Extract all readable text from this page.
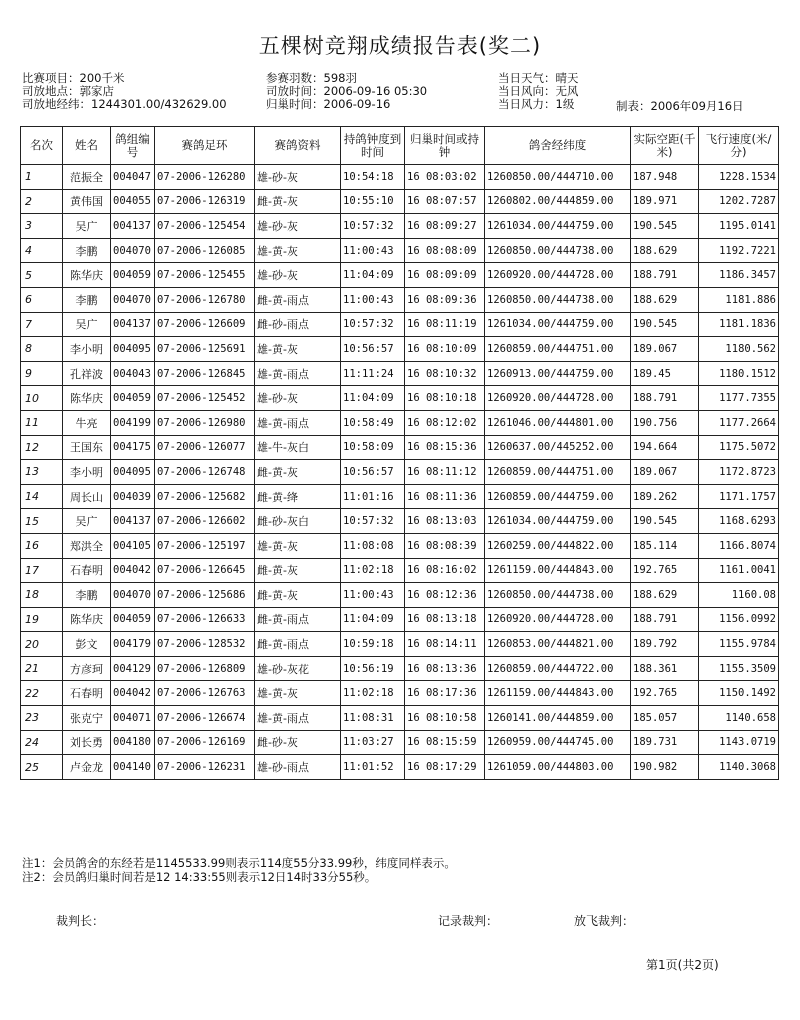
五棵树竞翔成绩报告表(奖二)
比赛项目：200千米
司放地点：郭家店
司放地经纬：1244301.00/432629.00
参赛羽数：598羽
司放时间：2006-09-16 05:30
归巢时间：2006-09-16
当日天气：晴天
当日风向：无风
当日风力：1级	制表：2006年09月16日
名次	姓名	鸽组编号	赛鸽足环	赛鸽资料	持鸽钟度到时间	归巢时间或持钟	鸽舍经纬度	实际空距(千米)	飞行速度(米/分)
1	范振全	004047	07-2006-126280	雄-砂-灰	10:54:18	16 08:03:02	1260850.00/444710.00	187.948	1228.1534
2	黄伟国	004055	07-2006-126319	雌-黄-灰	10:55:10	16 08:07:57	1260802.00/444859.00	189.971	1202.7287
3	吴广	004137	07-2006-125454	雄-砂-灰	10:57:32	16 08:09:27	1261034.00/444759.00	190.545	1195.0141
4	李鹏	004070	07-2006-126085	雄-黄-灰	11:00:43	16 08:08:09	1260850.00/444738.00	188.629	1192.7221
5	陈华庆	004059	07-2006-125455	雄-砂-灰	11:04:09	16 08:09:09	1260920.00/444728.00	188.791	1186.3457
6	李鹏	004070	07-2006-126780	雌-黄-雨点	11:00:43	16 08:09:36	1260850.00/444738.00	188.629	1181.886
7	吴广	004137	07-2006-126609	雌-砂-雨点	10:57:32	16 08:11:19	1261034.00/444759.00	190.545	1181.1836
8	李小明	004095	07-2006-125691	雄-黄-灰	10:56:57	16 08:10:09	1260859.00/444751.00	189.067	1180.562
9	孔祥波	004043	07-2006-126845	雄-黄-雨点	11:11:24	16 08:10:32	1260913.00/444759.00	189.45	1180.1512
10	陈华庆	004059	07-2006-125452	雄-砂-灰	11:04:09	16 08:10:18	1260920.00/444728.00	188.791	1177.7355
11	牛亮	004199	07-2006-126980	雄-黄-雨点	10:58:49	16 08:12:02	1261046.00/444801.00	190.756	1177.2664
12	王国东	004175	07-2006-126077	雄-牛-灰白	10:58:09	16 08:15:36	1260637.00/445252.00	194.664	1175.5072
13	李小明	004095	07-2006-126748	雌-黄-灰	10:56:57	16 08:11:12	1260859.00/444751.00	189.067	1172.8723
14	周长山	004039	07-2006-125682	雌-黄-绛	11:01:16	16 08:11:36	1260859.00/444759.00	189.262	1171.1757
15	吴广	004137	07-2006-126602	雌-砂-灰白	10:57:32	16 08:13:03	1261034.00/444759.00	190.545	1168.6293
16	郑洪全	004105	07-2006-125197	雄-黄-灰	11:08:08	16 08:08:39	1260259.00/444822.00	185.114	1166.8074
17	石春明	004042	07-2006-126645	雌-黄-灰	11:02:18	16 08:16:02	1261159.00/444843.00	192.765	1161.0041
18	李鹏	004070	07-2006-125686	雌-黄-灰	11:00:43	16 08:12:36	1260850.00/444738.00	188.629	1160.08
19	陈华庆	004059	07-2006-126633	雌-黄-雨点	11:04:09	16 08:13:18	1260920.00/444728.00	188.791	1156.0992
20	彭文	004179	07-2006-128532	雌-黄-雨点	10:59:18	16 08:14:11	1260853.00/444821.00	189.792	1155.9784
21	方彦珂	004129	07-2006-126809	雄-砂-灰花	10:56:19	16 08:13:36	1260859.00/444722.00	188.361	1155.3509
22	石春明	004042	07-2006-126763	雄-黄-灰	11:02:18	16 08:17:36	1261159.00/444843.00	192.765	1150.1492
23	张克宁	004071	07-2006-126674	雄-黄-雨点	11:08:31	16 08:10:58	1260141.00/444859.00	185.057	1140.658
24	刘长勇	004180	07-2006-126169	雌-砂-灰	11:03:27	16 08:15:59	1260959.00/444745.00	189.731	1143.0719
25	卢金龙	004140	07-2006-126231	雄-砂-雨点	11:01:52	16 08:17:29	1261059.00/444803.00	190.982	1140.3068
注1：会员鸽舍的东经若是1145533.99则表示114度55分33.99秒，纬度同样表示。
注2：会员鸽归巢时间若是12 14:33:55则表示12日14时33分55秒。
裁判长：	记录裁判：	放飞裁判：
第1页(共2页)
